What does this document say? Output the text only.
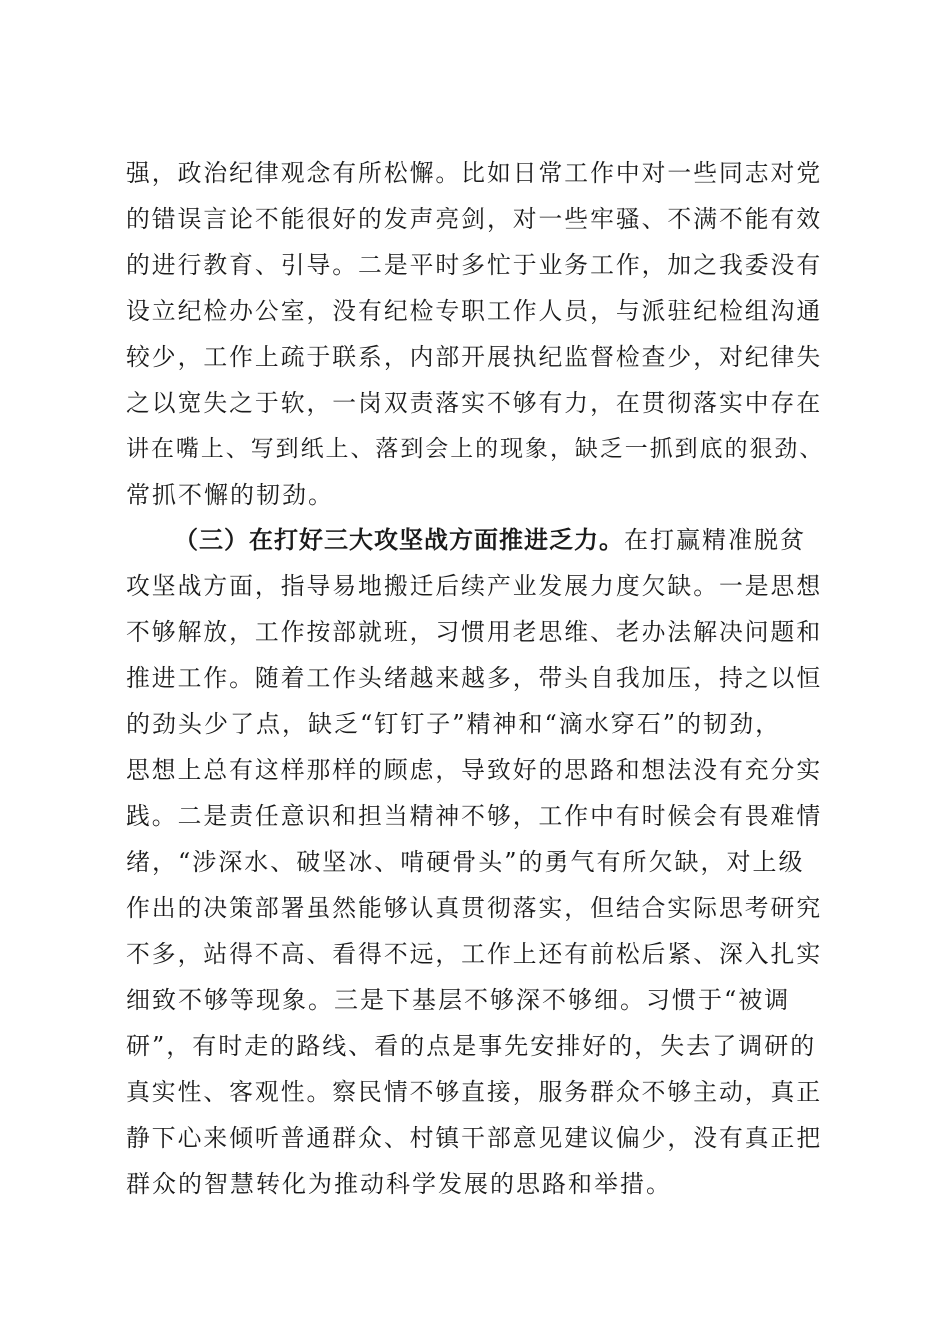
强，政治纪律观念有所松懈。比如日常工作中对一些同志对党
的错误言论不能很好的发声亮剑，对一些牢骚、不满不能有效
的进行教育、引导。二是平时多忙于业务工作，加之我委没有
设立纪检办公室，没有纪检专职工作人员，与派驻纪检组沟通
较少，工作上疏于联系，内部开展执纪监督检查少，对纪律失
之以宽失之于软，一岗双责落实不够有力，在贯彻落实中存在
讲在嘴上、写到纸上、落到会上的现象，缺乏一抓到底的狠劲、
常抓不懈的韧劲。
（三）在打好三大攻坚战方面推进乏力。在打赢精准脱贫
攻坚战方面，指导易地搬迁后续产业发展力度欠缺。一是思想
不够解放，工作按部就班，习惯用老思维、老办法解决问题和
推进工作。随着工作头绪越来越多，带头自我加压，持之以恒
的劲头少了点，缺乏“钉钉子”精神和“滴水穿石”的韧劲，
思想上总有这样那样的顾虑，导致好的思路和想法没有充分实
践。二是责任意识和担当精神不够，工作中有时候会有畏难情
绪，“涉深水、破坚冰、啃硬骨头”的勇气有所欠缺，对上级
作出的决策部署虽然能够认真贯彻落实，但结合实际思考研究
不多，站得不高、看得不远，工作上还有前松后紧、深入扎实
细致不够等现象。三是下基层不够深不够细。习惯于“被调
研”，有时走的路线、看的点是事先安排好的，失去了调研的
真实性、客观性。察民情不够直接，服务群众不够主动，真正
静下心来倾听普通群众、村镇干部意见建议偏少，没有真正把
群众的智慧转化为推动科学发展的思路和举措。
